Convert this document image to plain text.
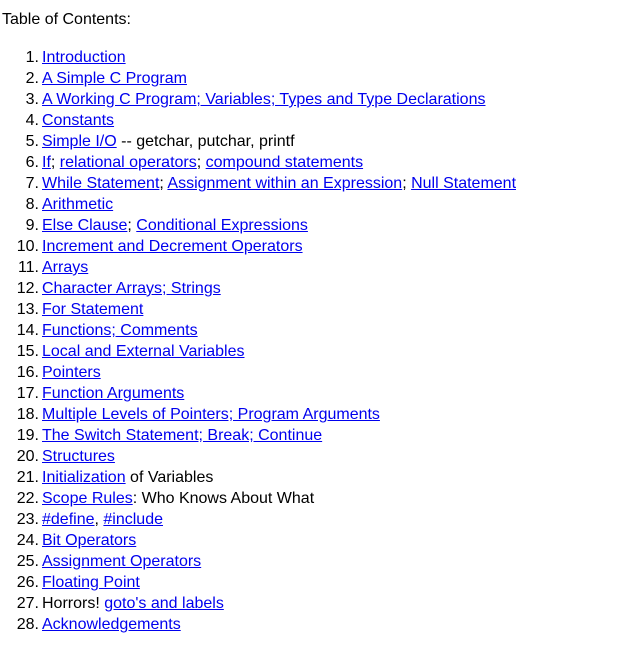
Table of Contents:
1. Introduction
2. A Simple C Program
3. A Working C Program; Variables; Types and Type Declarations
4. Constants
5. Simple I/O -- getchar, putchar, printf
6. If; relational operators; compound statements
7. While Statement; Assignment within an Expression; Null Statement
8. Arithmetic
9. Else Clause; Conditional Expressions
10. Increment and Decrement Operators
11. Arrays
12. Character Arrays; Strings
13. For Statement
14. Functions; Comments
15. Local and External Variables
16. Pointers
17. Function Arguments
18. Multiple Levels of Pointers; Program Arguments
19. The Switch Statement; Break; Continue
20. Structures
21. Initialization of Variables
22. Scope Rules: Who Knows About What
23. #define, #include
24. Bit Operators
25. Assignment Operators
26. Floating Point
27. Horrors! goto's and labels
28. Acknowledgements
